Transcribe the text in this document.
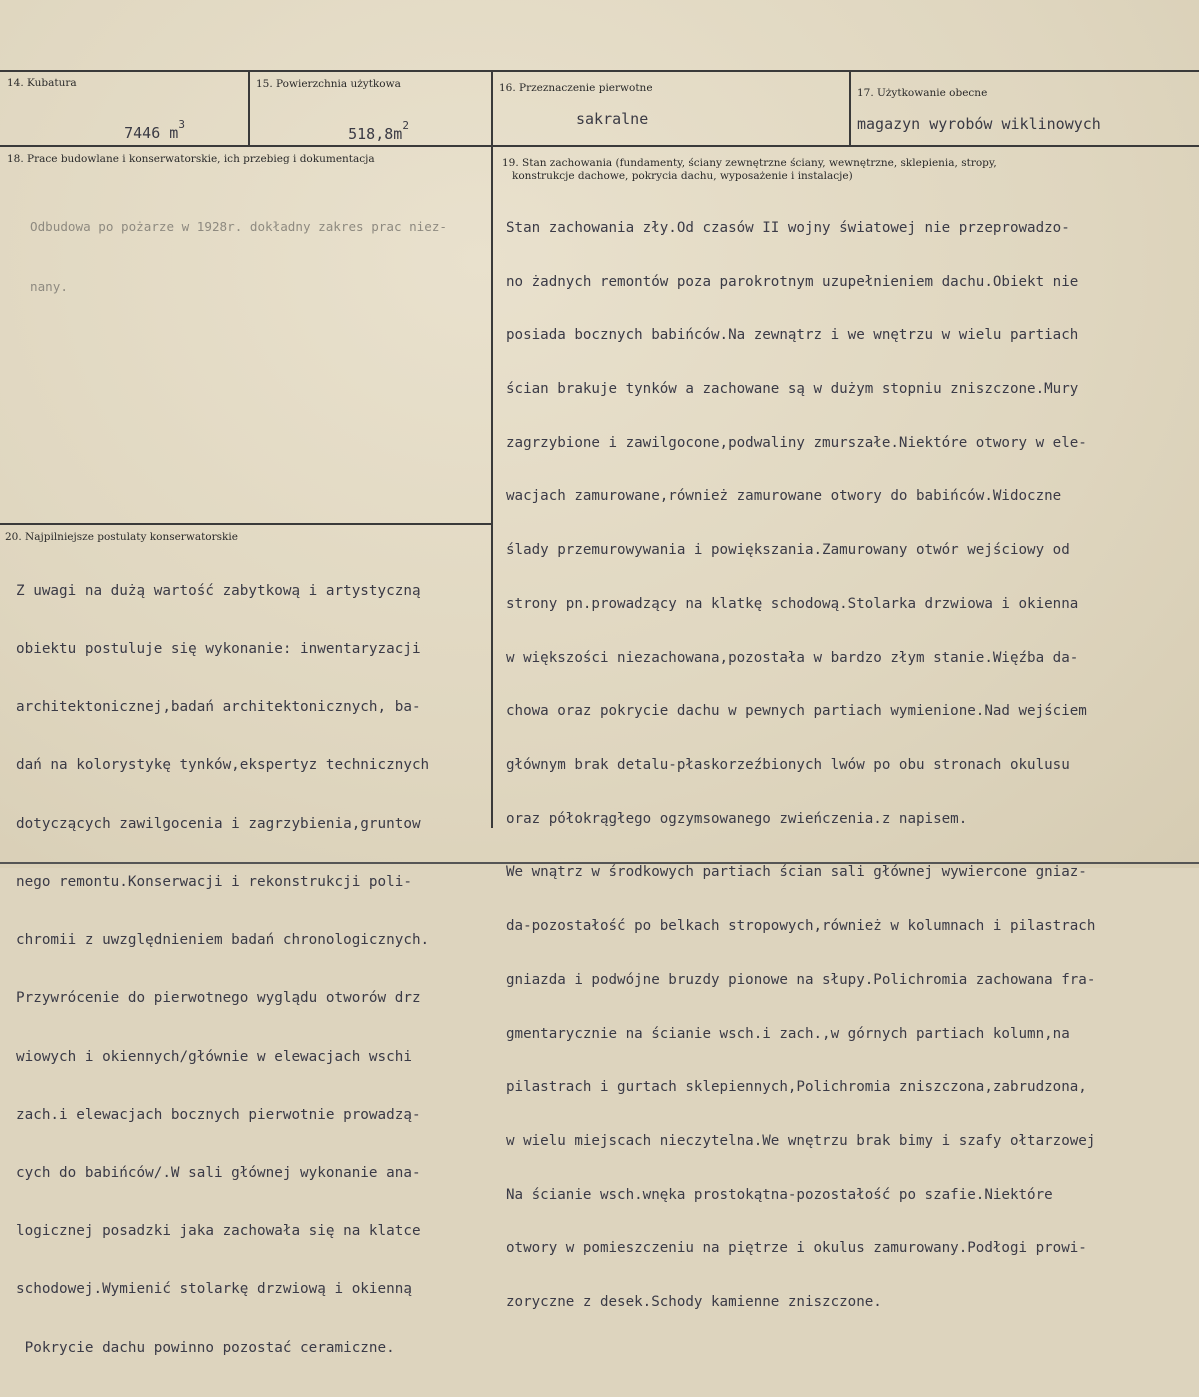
14. Kubatura

7446 $m^3$

15. Powierzchnia użytkowa

$518,8m^2$

16. Przeznaczenie pierwotne
sakralne
17. Użytkowanie obecne
magazyn wyrobów wiklinowych
18. Prace budowlane i konserwatorskie, ich przebieg i dokumentacja

Odbudowa po pożarze w 1928r. dokładny zakres prac niez-

nany.

19. Stan zachowania (fundamenty, ściany zewnętrzne ściany, wewnętrzne, sklepienia, stropy,
konstrukcje dachowe, pokrycia dachu, wyposażenie i instalacje)

Stan zachowania zły.Od czasów II wojny światowej nie przeprowadzo-

no żadnych remontów poza parokrotnym uzupełnieniem dachu.Obiekt nie

posiada bocznych babińców.Na zewnątrz i we wnętrzu w wielu partiach

ścian brakuje tynków a zachowane są w dużym stopniu zniszczone.Mury

zagrzybione i zawilgocone,podwaliny zmurszałe.Niektóre otwory w ele-

wacjach zamurowane,również zamurowane otwory do babińców.Widoczne

ślady przemurowywania i powiększania.Zamurowany otwór wejściowy od

strony pn.prowadzący na klatkę schodową.Stolarka drzwiowa i okienna

w większości niezachowana,pozostała w bardzo złym stanie.Więźba da-

chowa oraz pokrycie dachu w pewnych partiach wymienione.Nad wejściem

głównym brak detalu-płaskorzeźbionych lwów po obu stronach okulusu

oraz półokrągłego ogzymsowanego zwieńczenia.z napisem.

We wnątrz w środkowych partiach ścian sali głównej wywiercone gniaz-

da-pozostałość po belkach stropowych,również w kolumnach i pilastrach

gniazda i podwójne bruzdy pionowe na słupy.Polichromia zachowana fra-

gmentarycznie na ścianie wsch.i zach.,w górnych partiach kolumn,na

pilastrach i gurtach sklepiennych,Polichromia zniszczona,zabrudzona,

w wielu miejscach nieczytelna.We wnętrzu brak bimy i szafy ołtarzowej

Na ścianie wsch.wnęka prostokątna-pozostałość po szafie.Niektóre

otwory w pomieszczeniu na piętrze i okulus zamurowany.Podłogi prowi-

zoryczne z desek.Schody kamienne zniszczone.

20. Najpilniejsze postulaty konserwatorskie

Z uwagi na dużą wartość zabytkową i artystyczną

obiektu postuluje się wykonanie: inwentaryzacji

architektonicznej,badań architektonicznych, ba-

dań na kolorystykę tynków,ekspertyz technicznych

dotyczących zawilgocenia i zagrzybienia,gruntow

nego remontu.Konserwacji i rekonstrukcji poli-

chromii z uwzględnieniem badań chronologicznych.

Przywrócenie do pierwotnego wyglądu otworów drz

wiowych i okiennych/głównie w elewacjach wschi

zach.i elewacjach bocznych pierwotnie prowadzą-

cych do babińców/.W sali głównej wykonanie ana-

logicznej posadzki jaka zachowała się na klatce

schodowej.Wymienić stolarkę drzwiową i okienną

Pokrycie dachu powinno pozostać ceramiczne.
